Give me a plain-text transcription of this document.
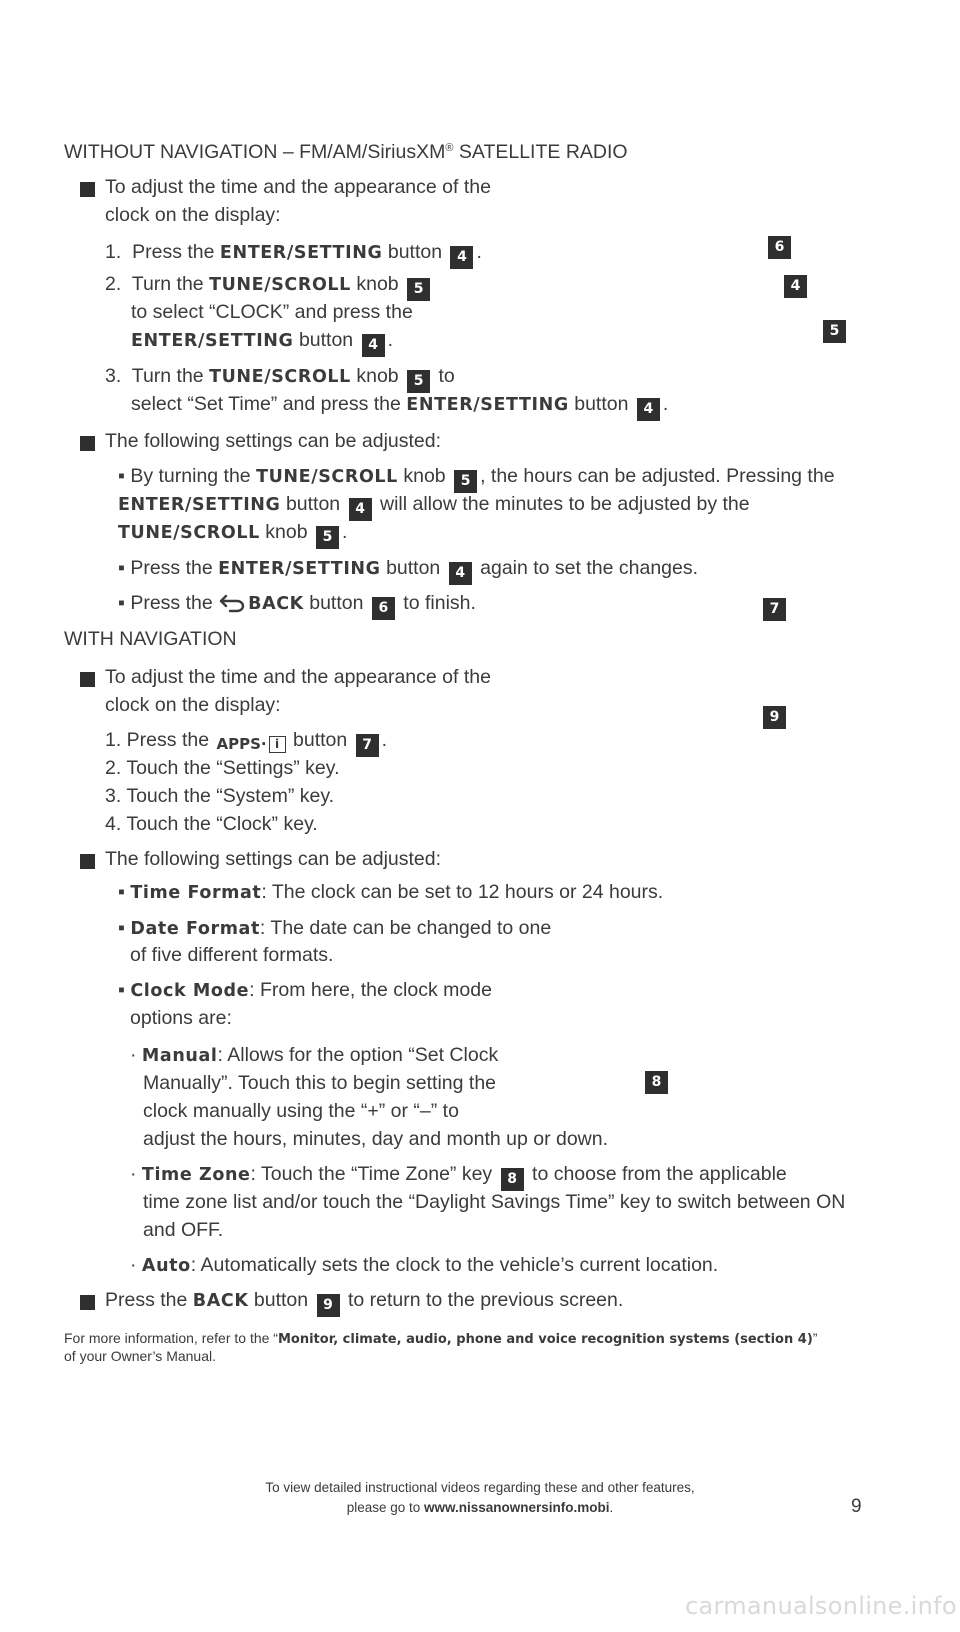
WITHOUT NAVIGATION – FM/AM/SiriusXM® SATELLITE RADIO
To adjust the time and the appearance of the
clock on the display:
1. Press the ENTER/SETTING button 4 .
2. Turn the TUNE/SCROLL knob 5
to select “CLOCK” and press the
ENTER/SETTING button 4 .
3. Turn the TUNE/SCROLL knob 5 to
select “Set Time” and press the ENTER/SETTING button 4 .
The following settings can be adjusted:
▪ By turning the TUNE/SCROLL knob 5 , the hours can be adjusted. Pressing the
ENTER/SETTING button 4 will allow the minutes to be adjusted by the
TUNE/SCROLL knob 5 .
▪ Press the ENTER/SETTING button 4 again to set the changes.
▪ Press the BACK button 6 to finish.
WITH NAVIGATION
To adjust the time and the appearance of the
clock on the display:
1. Press the APPS· i button 7 .
2. Touch the “Settings” key.
3. Touch the “System” key.
4. Touch the “Clock” key.
The following settings can be adjusted:
▪ Time Format: The clock can be set to 12 hours or 24 hours.
▪ Date Format: The date can be changed to one
of five different formats.
▪ Clock Mode: From here, the clock mode
options are:
· Manual: Allows for the option “Set Clock
Manually”. Touch this to begin setting the
clock manually using the “+” or “–” to
adjust the hours, minutes, day and month up or down.
· Time Zone: Touch the “Time Zone” key 8 to choose from the applicable
time zone list and/or touch the “Daylight Savings Time” key to switch between ON
and OFF.
· Auto: Automatically sets the clock to the vehicle’s current location.
Press the BACK button 9 to return to the previous screen.
6
4
5
7
9
8
For more information, refer to the “Monitor, climate, audio, phone and voice recognition systems (section 4)”
of your Owner’s Manual.
To view detailed instructional videos regarding these and other features,
please go to www.nissanownersinfo.mobi.	9
carmanualsonline.info
